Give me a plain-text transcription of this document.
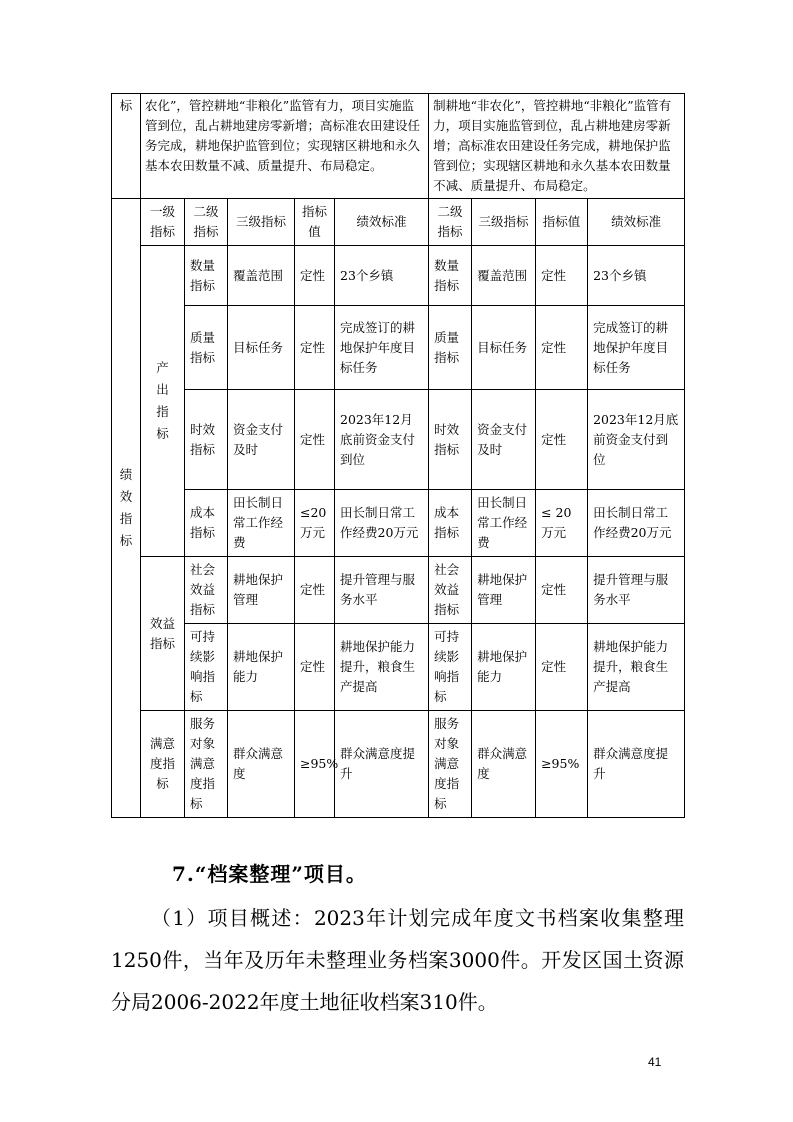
标	农化”，管控耕地“非粮化”监管有力，项目实施监管到位，乱占耕地建房零新增；高标准农田建设任务完成，耕地保护监管到位；实现辖区耕地和永久基本农田数量不减、质量提升、布局稳定。					制耕地“非农化”，管控耕地“非粮化”监管有力，项目实施监管到位，乱占耕地建房零新增；高标准农田建设任务完成，耕地保护监管到位；实现辖区耕地和永久基本农田数量不减、质量提升、布局稳定。			
绩效指标	一级指标	二级指标	三级指标	指标值	绩效标准	二级指标	三级指标	指标值	绩效标准
	产出指标	数量指标	覆盖范围	定性	23个乡镇	数量指标	覆盖范围	定性	23个乡镇
		质量指标	目标任务	定性	完成签订的耕地保护年度目标任务	质量指标	目标任务	定性	完成签订的耕地保护年度目标任务
		时效指标	资金支付及时	定性	2023年12月底前资金支付到位	时效指标	资金支付及时	定性	2023年12月底前资金支付到位
		成本指标	田长制日常工作经费	≤20万元	田长制日常工作经费20万元	成本指标	田长制日常工作经费	≤ 20万元	田长制日常工作经费20万元
	效益指标	社会效益指标	耕地保护管理	定性	提升管理与服务水平	社会效益指标	耕地保护管理	定性	提升管理与服务水平
		可持续影响指标	耕地保护能力	定性	耕地保护能力提升，粮食生产提高	可持续影响指标	耕地保护能力	定性	耕地保护能力提升，粮食生产提高
	满意度指标	服务对象满意度指标	群众满意度	≥95%	群众满意度提升	服务对象满意度指标	群众满意度	≥95%	群众满意度提升
7.“档案整理”项目。

（1）项目概述：2023年计划完成年度文书档案收集整理1250件，当年及历年未整理业务档案3000件。开发区国土资源分局2006-2022年度土地征收档案310件。

41
